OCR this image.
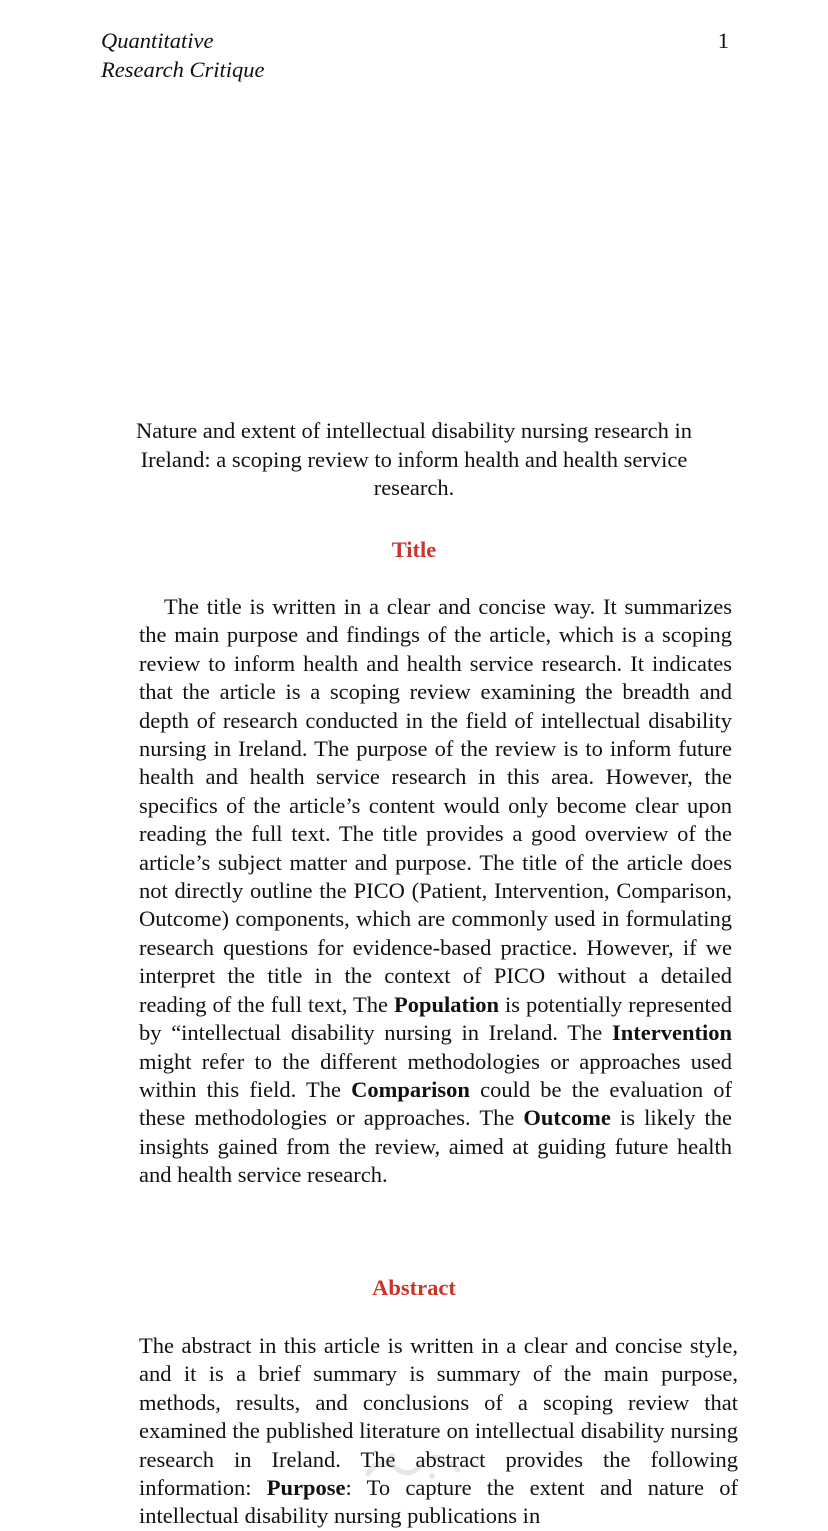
Quantitative
Research Critique
1
Nature and extent of intellectual disability nursing research in Ireland: a scoping review to inform health and health service research.
Title

The title is written in a clear and concise way. It summarizes the main purpose and findings of the article, which is a scoping review to inform health and health service research. It indicates that the article is a scoping review examining the breadth and depth of research conducted in the field of intellectual disability nursing in Ireland. The purpose of the review is to inform future health and health service research in this area. However, the specifics of the article’s content would only become clear upon reading the full text. The title provides a good overview of the article’s subject matter and purpose. The title of the article does not directly outline the PICO (Patient, Intervention, Comparison, Outcome) components, which are commonly used in formulating research questions for evidence-based practice. However, if we interpret the title in the context of PICO without a detailed reading of the full text, The Population is potentially represented by “intellectual disability nursing in Ireland. The Intervention might refer to the different methodologies or approaches used within this field. The Comparison could be the evaluation of these methodologies or approaches. The Outcome is likely the insights gained from the review, aimed at guiding future health and health service research.

Abstract

The abstract in this article is written in a clear and concise style, and it is a brief summary is summary of the main purpose, methods, results, and conclusions of a scoping review that examined the published literature on intellectual disability nursing research in Ireland. The abstract provides the following information: Purpose: To capture the extent and nature of intellectual disability nursing publications in
